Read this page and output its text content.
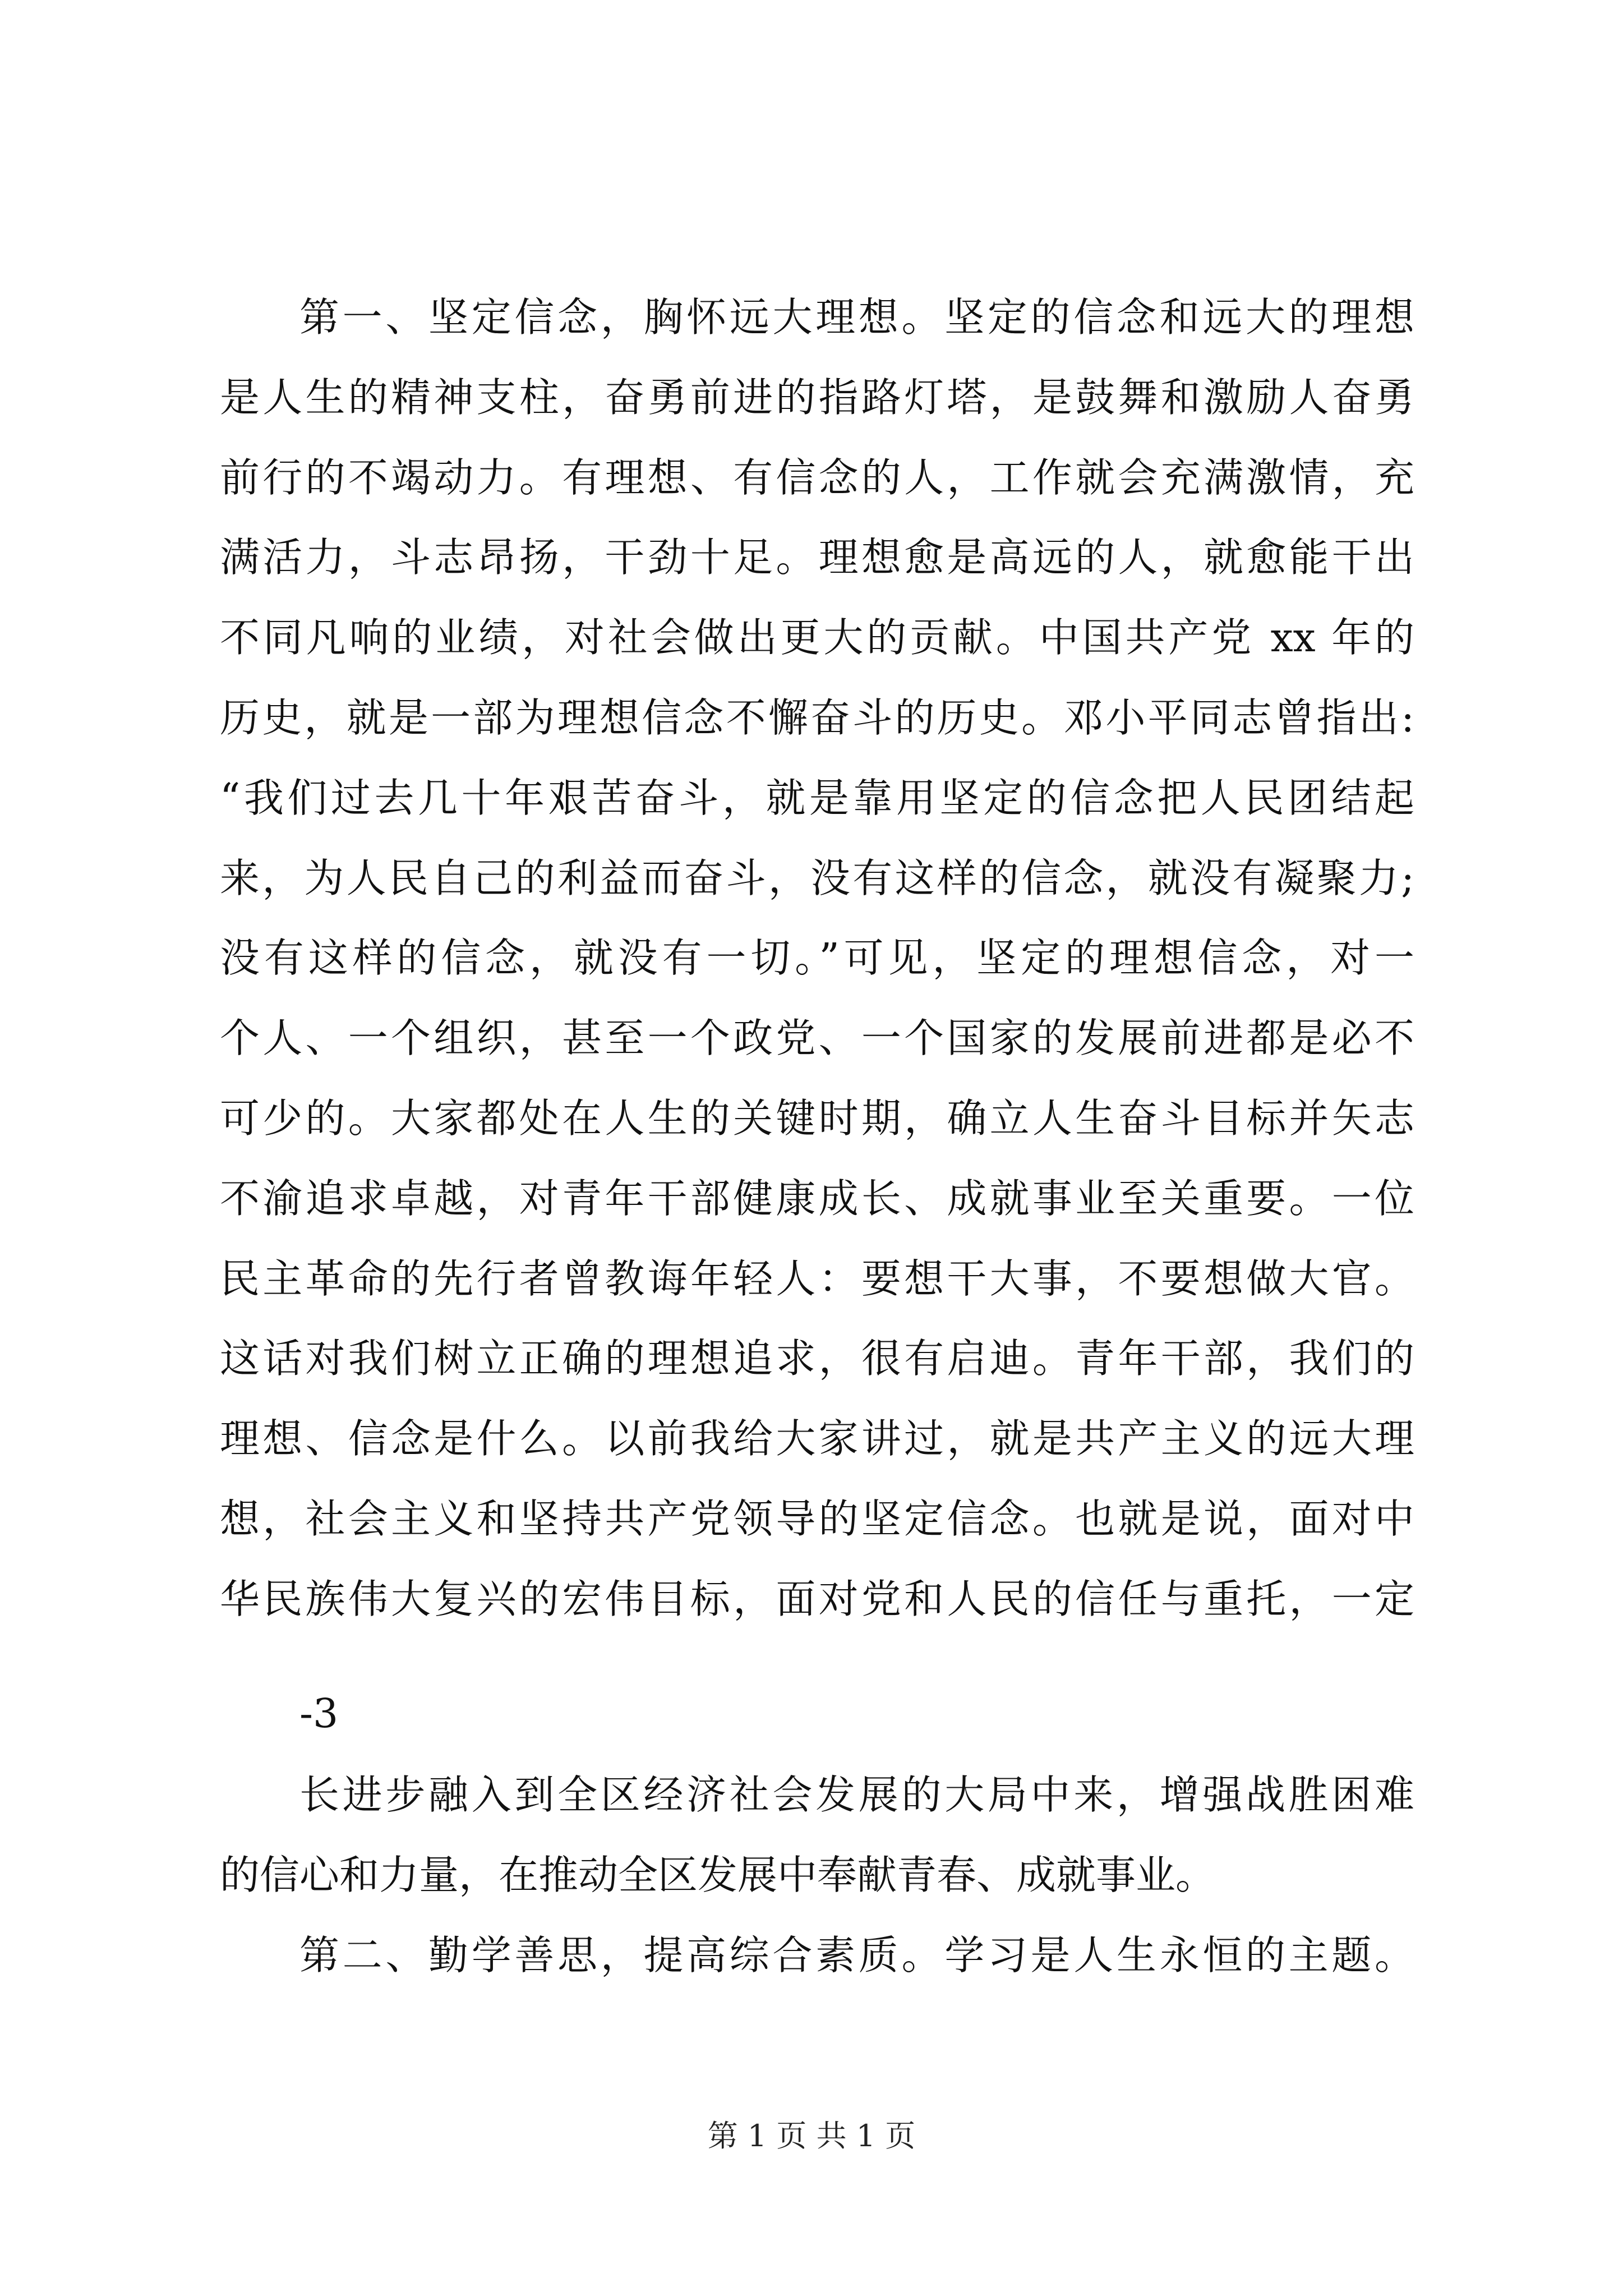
第一、坚定信念，胸怀远大理想。坚定的信念和远大的理想
是人生的精神支柱，奋勇前进的指路灯塔，是鼓舞和激励人奋勇
前行的不竭动力。有理想、有信念的人，工作就会充满激情，充
满活力，斗志昂扬，干劲十足。理想愈是高远的人，就愈能干出
不同凡响的业绩，对社会做出更大的贡献。中国共产党 xx 年的
历史，就是一部为理想信念不懈奋斗的历史。邓小平同志曾指出:
“我们过去几十年艰苦奋斗，就是靠用坚定的信念把人民团结起
来，为人民自己的利益而奋斗，没有这样的信念，就没有凝聚力;
没有这样的信念，就没有一切。”可见，坚定的理想信念，对一
个人、一个组织，甚至一个政党、一个国家的发展前进都是必不
可少的。大家都处在人生的关键时期，确立人生奋斗目标并矢志
不渝追求卓越，对青年干部健康成长、成就事业至关重要。一位
民主革命的先行者曾教诲年轻人：要想干大事，不要想做大官。
这话对我们树立正确的理想追求，很有启迪。青年干部，我们的
理想、信念是什么。以前我给大家讲过，就是共产主义的远大理
想，社会主义和坚持共产党领导的坚定信念。也就是说，面对中
华民族伟大复兴的宏伟目标，面对党和人民的信任与重托，一定
-3
长进步融入到全区经济社会发展的大局中来，增强战胜困难
的信心和力量，在推动全区发展中奉献青春、成就事业。
第二、勤学善思，提高综合素质。学习是人生永恒的主题。
第 1 页 共 1 页
